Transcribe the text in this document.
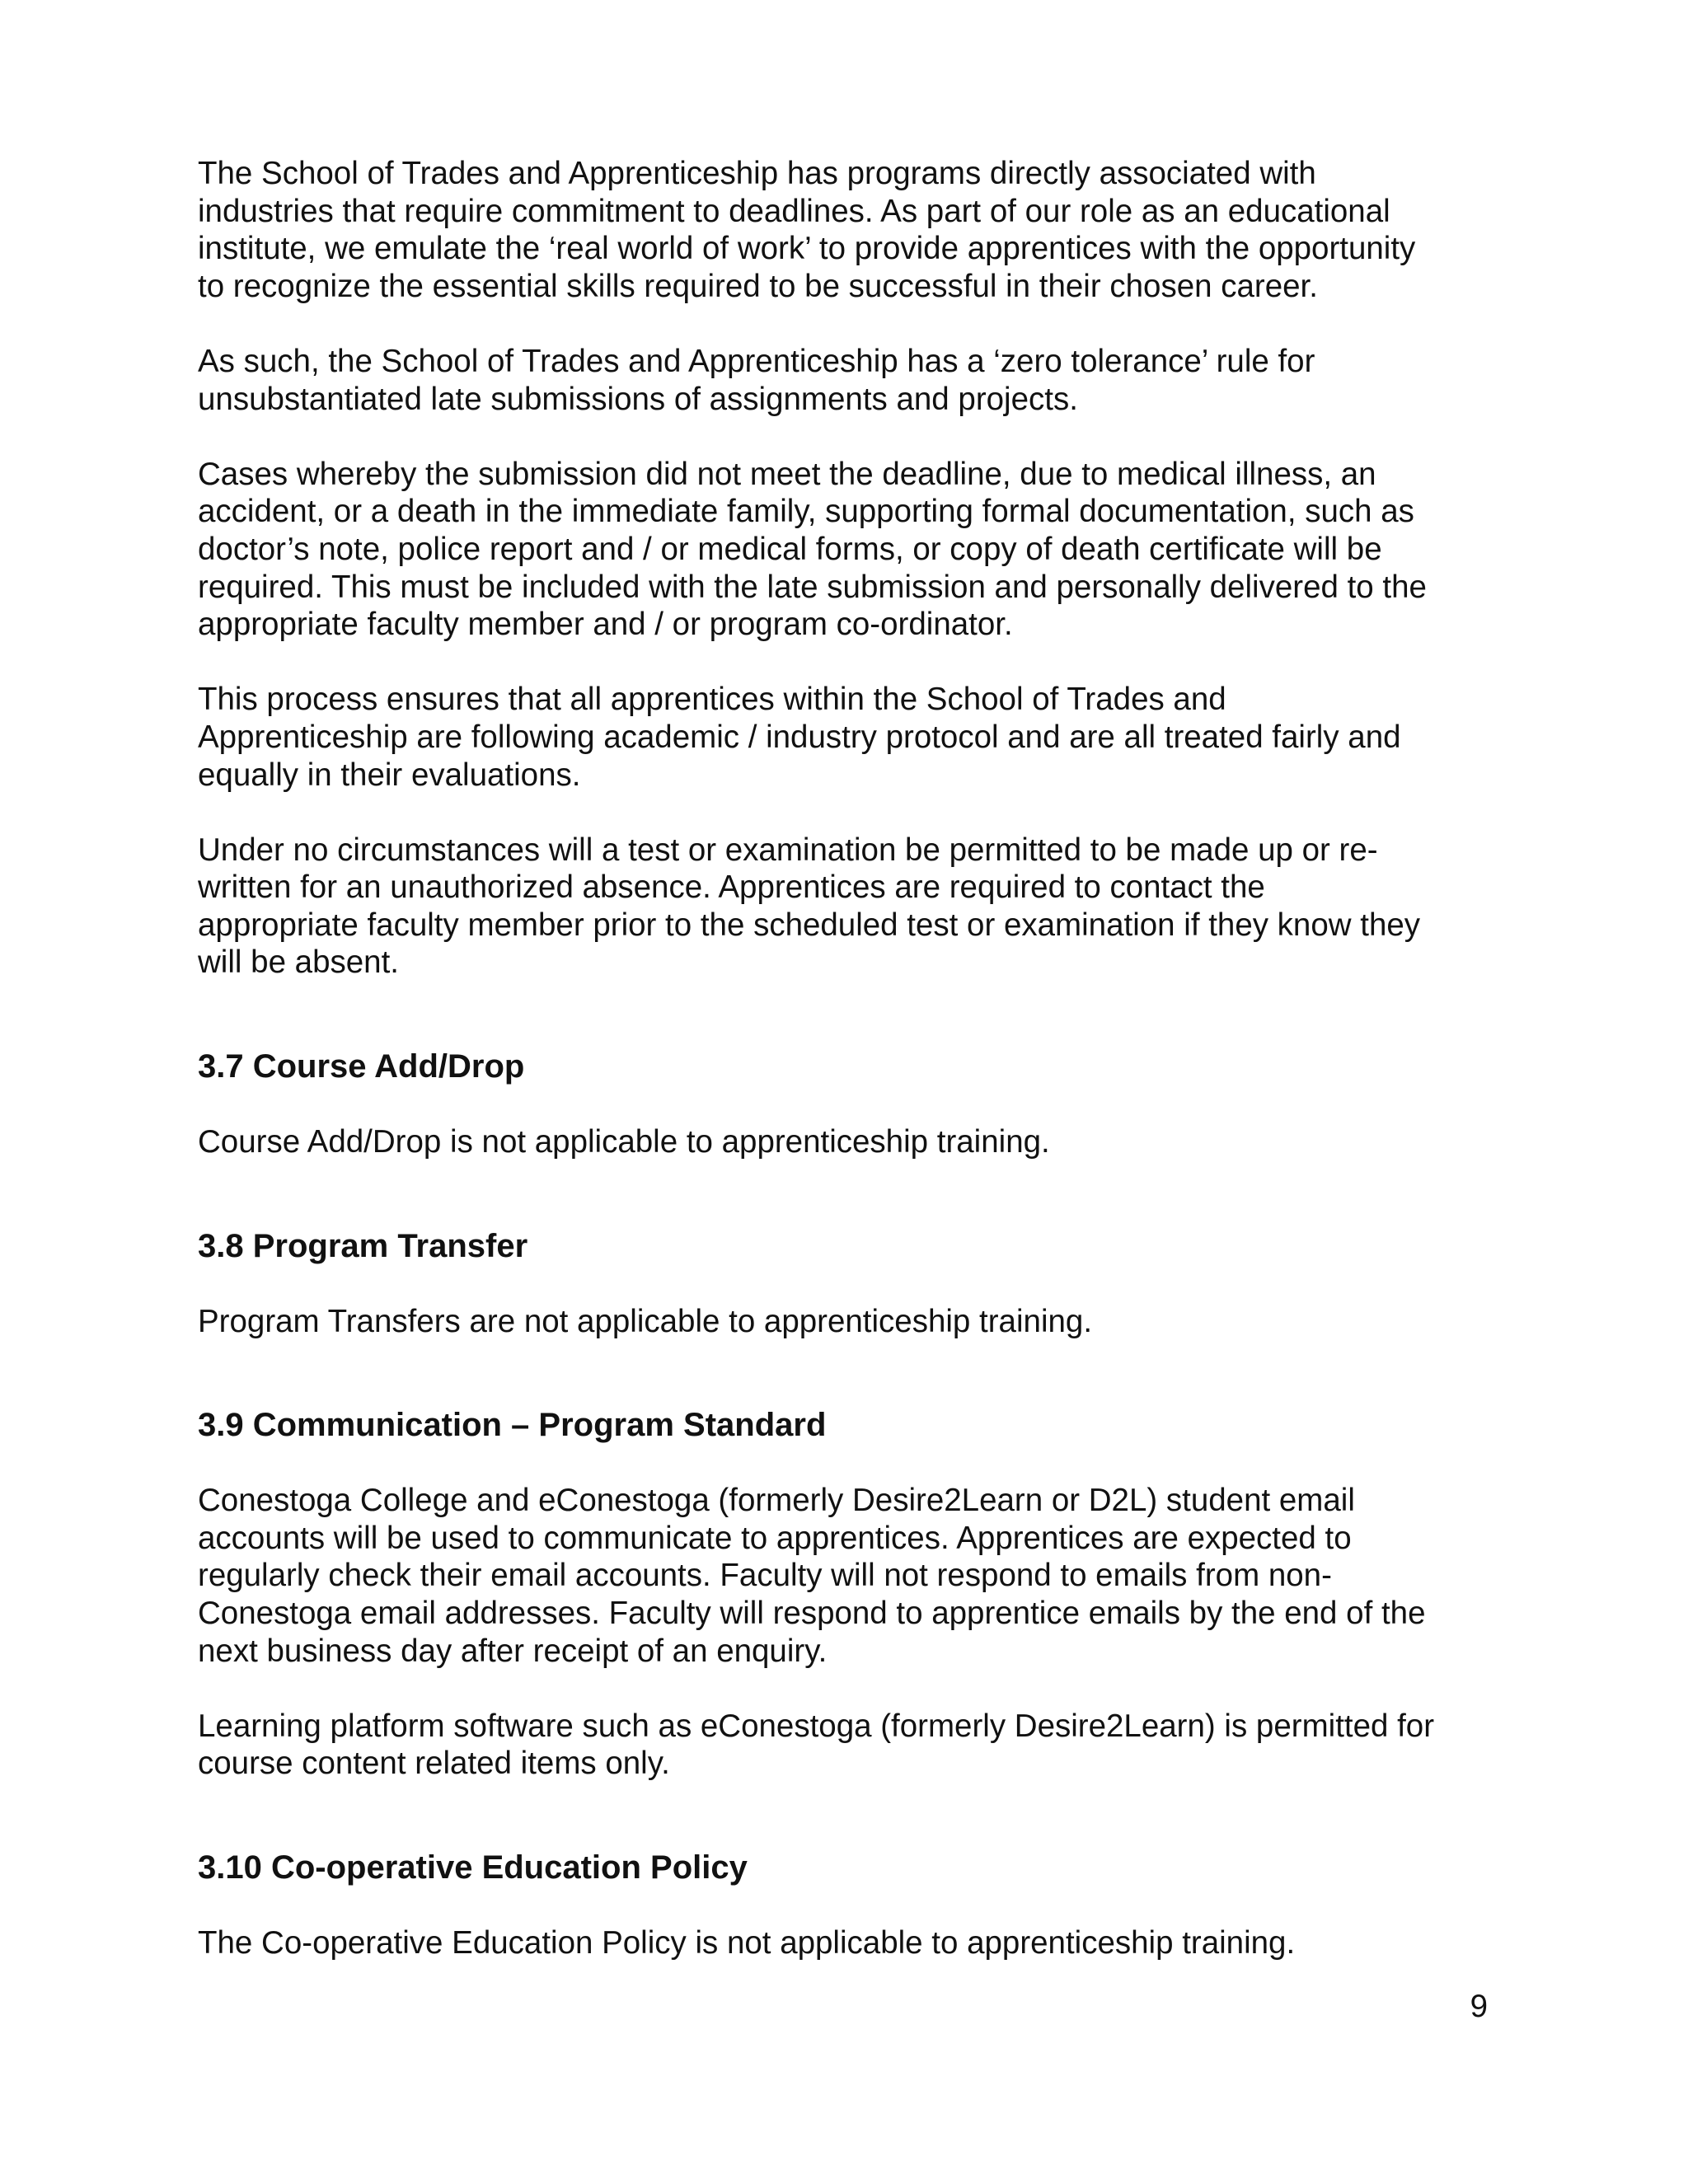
The School of Trades and Apprenticeship has programs directly associated with
industries that require commitment to deadlines. As part of our role as an educational
institute, we emulate the ‘real world of work’ to provide apprentices with the opportunity
to recognize the essential skills required to be successful in their chosen career.

As such, the School of Trades and Apprenticeship has a ‘zero tolerance’ rule for
unsubstantiated late submissions of assignments and projects.

Cases whereby the submission did not meet the deadline, due to medical illness, an
accident, or a death in the immediate family, supporting formal documentation, such as
doctor’s note, police report and / or medical forms, or copy of death certificate will be
required. This must be included with the late submission and personally delivered to the
appropriate faculty member and / or program co-ordinator.

This process ensures that all apprentices within the School of Trades and
Apprenticeship are following academic / industry protocol and are all treated fairly and
equally in their evaluations.

Under no circumstances will a test or examination be permitted to be made up or re-
written for an unauthorized absence. Apprentices are required to contact the
appropriate faculty member prior to the scheduled test or examination if they know they
will be absent.

3.7 Course Add/Drop

Course Add/Drop is not applicable to apprenticeship training.

3.8 Program Transfer

Program Transfers are not applicable to apprenticeship training.

3.9 Communication – Program Standard

Conestoga College and eConestoga (formerly Desire2Learn or D2L) student email
accounts will be used to communicate to apprentices. Apprentices are expected to
regularly check their email accounts. Faculty will not respond to emails from non-
Conestoga email addresses. Faculty will respond to apprentice emails by the end of the
next business day after receipt of an enquiry.

Learning platform software such as eConestoga (formerly Desire2Learn) is permitted for
course content related items only.

3.10 Co-operative Education Policy

The Co-operative Education Policy is not applicable to apprenticeship training.

9
